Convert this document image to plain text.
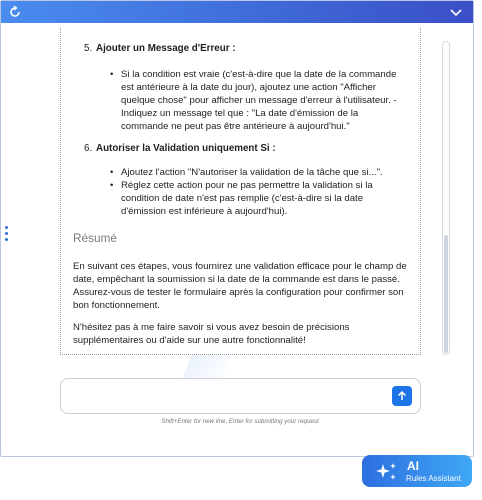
5. Ajouter un Message d'Erreur :
• Si la condition est vraie (c'est-à-dire que la date de la commande est antérieure à la date du jour), ajoutez une action "Afficher quelque chose" pour afficher un message d'erreur à l'utilisateur. - Indiquez un message tel que : "La date d'émission de la commande ne peut pas être antérieure à aujourd'hui."
6. Autoriser la Validation uniquement Si :
• Ajoutez l'action "N'autoriser la validation de la tâche que si...".
• Réglez cette action pour ne pas permettre la validation si la condition de date n'est pas remplie (c'est-à-dire si la date d'émission est inférieure à aujourd'hui).
Résumé
En suivant ces étapes, vous fournirez une validation efficace pour le champ de date, empêchant la soumission si la date de la commande est dans le passé. Assurez-vous de tester le formulaire après la configuration pour confirmer son bon fonctionnement.
N'hésitez pas à me faire savoir si vous avez besoin de précisions supplémentaires ou d'aide sur une autre fonctionnalité!
Shift+Enter for new line, Enter for submitting your request
AI
Rules Assistant
